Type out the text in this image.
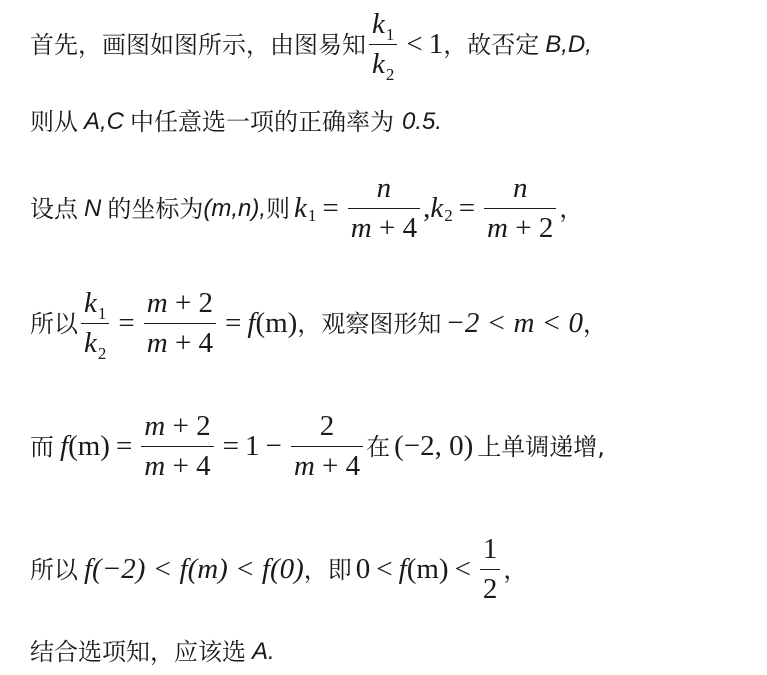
首先，画图如图所示，由图易知 $\frac{k 1}{k 2} < 1$ ，故否定 B,D,
则从 A,C 中任意选一项的正确率为 0.5.
设点 N 的坐标为 (m,n), 则 k 1 = n
m
+
4 , k 2 = n
m
+
2 ，
所以 $\frac{k 1}{k 2} = m$
+
2
m
+
4 = f (m) ，观察图形知 −2 < m < 0 ，
而 f (m) = m
+
2
m
+
4 = 1 − 2
m
+
4 在 (−2, 0) 上单调递增,
所以 f(−2) < f(m) < f(0) ，即 0 < f $(m) < \frac{1}{2}$ ，
结合选项知，应该选 A.
